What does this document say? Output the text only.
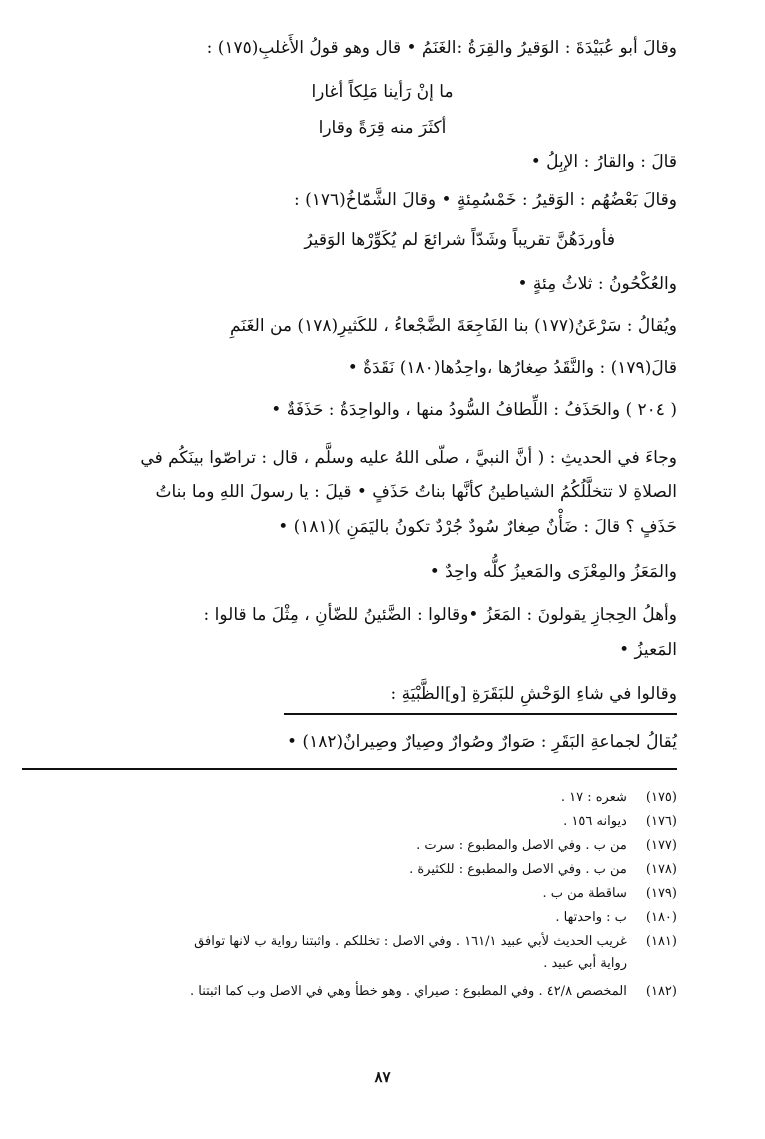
وقالَ أبو عُبَيْدَةَ : الوَقيرُ والقِرَةُ :الغَنَمُ • قال وهو قولُ الأَغلبِ(١٧٥) :
ما إنْ رَأينا مَلِكاً أغارا
أكثَرَ منه قِرَةً وقارا
قالَ : والقارُ : الإبِلُ •
وقالَ بَعْضُهُم : الوَقيرُ : خَمْسُمِئةٍ • وقالَ الشَّمّاخُ(١٧٦) :
فأوردَهُنَّ تقريباً وشَدّاً شرائعَ لم يُكَوِّرْها الوَقيرُ
والعُكْحُونُ : ثلاثُ مِئةٍ •
ويُقالُ : سَرْعَنُ(١٧٧) بنا الفَاجِعَةَ الضَّجْعاءُ ، للكَثيرِ(١٧٨) من الغَنَمِ
قالَ(١٧٩) : والنَّقَدُ صِغارُها ،واحِدُها(١٨٠) نَقَدَةٌ •
( ٢٠٤ ) والحَذَفُ : اللِّطافُ السُّودُ منها ، والواحِدَةُ : حَذَفَةٌ •
وجاءَ في الحديثِ : ( أنَّ النبيَّ ، صلّى اللهُ عليه وسلَّم ، قال : تراصّوا بينَكُم في
الصلاةِ لا تتخلَّلُكُمُ الشياطينُ كأنَّها بناتُ حَذَفٍ • قيلَ : يا رسولَ اللهِ وما بناتُ
حَذَفٍ ؟ قالَ : ضَأْنٌ صِغارٌ سُودٌ جُرْدٌ تكونُ باليَمَنِ )(١٨١) •
والمَعَزُ والمِعْزَى والمَعيزُ كلُّه واحِدٌ •
وأهلُ الحِجازِ يقولونَ : المَعَزُ •وقالوا : الضَّئينُ للضّأنِ ، مِثْلَ ما قالوا :
المَعيزُ •
وقالوا في شاءِ الوَحْشِ للبَقَرَةِ [و]الظَّبْيَةِ :
يُقالُ لجماعةِ البَقَرِ : صَوارٌ وصُوارٌ وصِيارٌ وصِيرانٌ(١٨٢) •
(١٧٥) شعره : ١٧ .
(١٧٦) ديوانه ١٥٦ .
(١٧٧) من ب . وفي الاصل والمطبوع : سرت .
(١٧٨) من ب . وفي الاصل والمطبوع : للكثيرة .
(١٧٩) ساقطة من ب .
(١٨٠) ب : واحدتها .
(١٨١) غريب الحديث لأبي عبيد ١٦١/١ . وفي الاصل : تخللكم . واثبتنا رواية ب لانها توافق
رواية أبي عبيد .
(١٨٢) المخصص ٤٢/٨ . وفي المطبوع : صيراي . وهو خطأ وهي في الاصل وب كما اثبتنا .
٨٧
